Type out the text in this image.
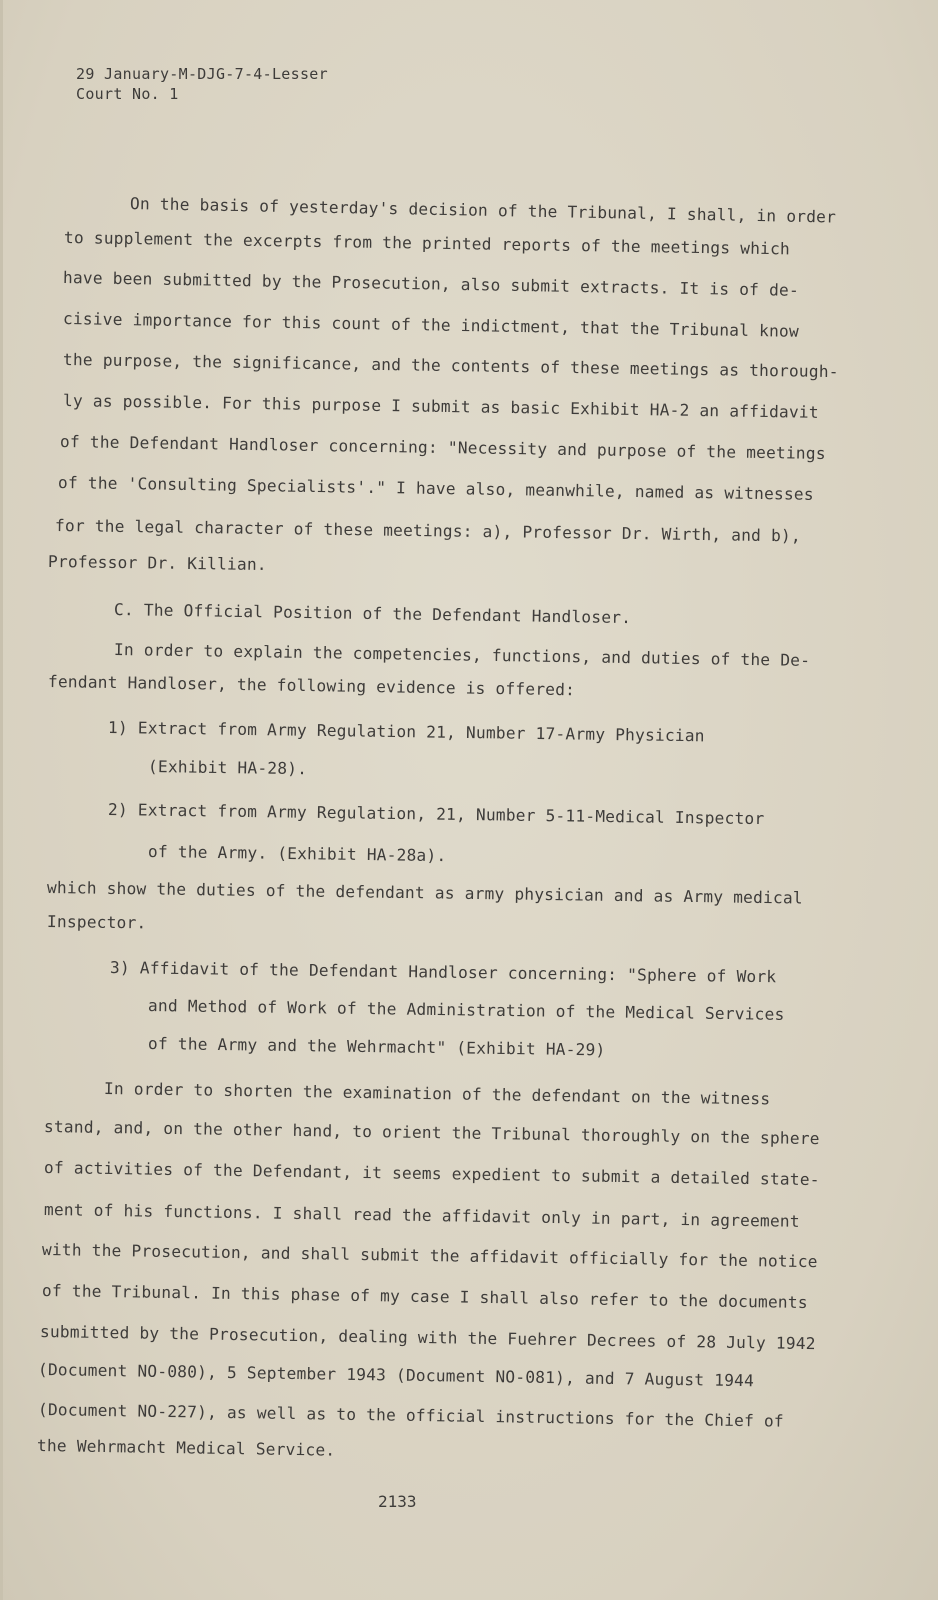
29 January-M-DJG-7-4-Lesser
Court No. 1
On the basis of yesterday's decision of the Tribunal, I shall, in order
to supplement the excerpts from the printed reports of the meetings which
have been submitted by the Prosecution, also submit extracts. It is of de-
cisive importance for this count of the indictment, that the Tribunal know
the purpose, the significance, and the contents of these meetings as thorough-
ly as possible. For this purpose I submit as basic Exhibit HA-2 an affidavit
of the Defendant Handloser concerning: "Necessity and purpose of the meetings
of the 'Consulting Specialists'." I have also, meanwhile, named as witnesses
for the legal character of these meetings: a), Professor Dr. Wirth, and b),
Professor Dr. Killian.
C. The Official Position of the Defendant Handloser.
In order to explain the competencies, functions, and duties of the De-
fendant Handloser, the following evidence is offered:
1) Extract from Army Regulation 21, Number 17-Army Physician
(Exhibit HA-28).
2) Extract from Army Regulation, 21, Number 5-11-Medical Inspector
of the Army. (Exhibit HA-28a).
which show the duties of the defendant as army physician and as Army medical
Inspector.
3) Affidavit of the Defendant Handloser concerning: "Sphere of Work
and Method of Work of the Administration of the Medical Services
of the Army and the Wehrmacht" (Exhibit HA-29)
In order to shorten the examination of the defendant on the witness
stand, and, on the other hand, to orient the Tribunal thoroughly on the sphere
of activities of the Defendant, it seems expedient to submit a detailed state-
ment of his functions. I shall read the affidavit only in part, in agreement
with the Prosecution, and shall submit the affidavit officially for the notice
of the Tribunal. In this phase of my case I shall also refer to the documents
submitted by the Prosecution, dealing with the Fuehrer Decrees of 28 July 1942
(Document NO-080), 5 September 1943 (Document NO-081), and 7 August 1944
(Document NO-227), as well as to the official instructions for the Chief of
the Wehrmacht Medical Service.
2133
